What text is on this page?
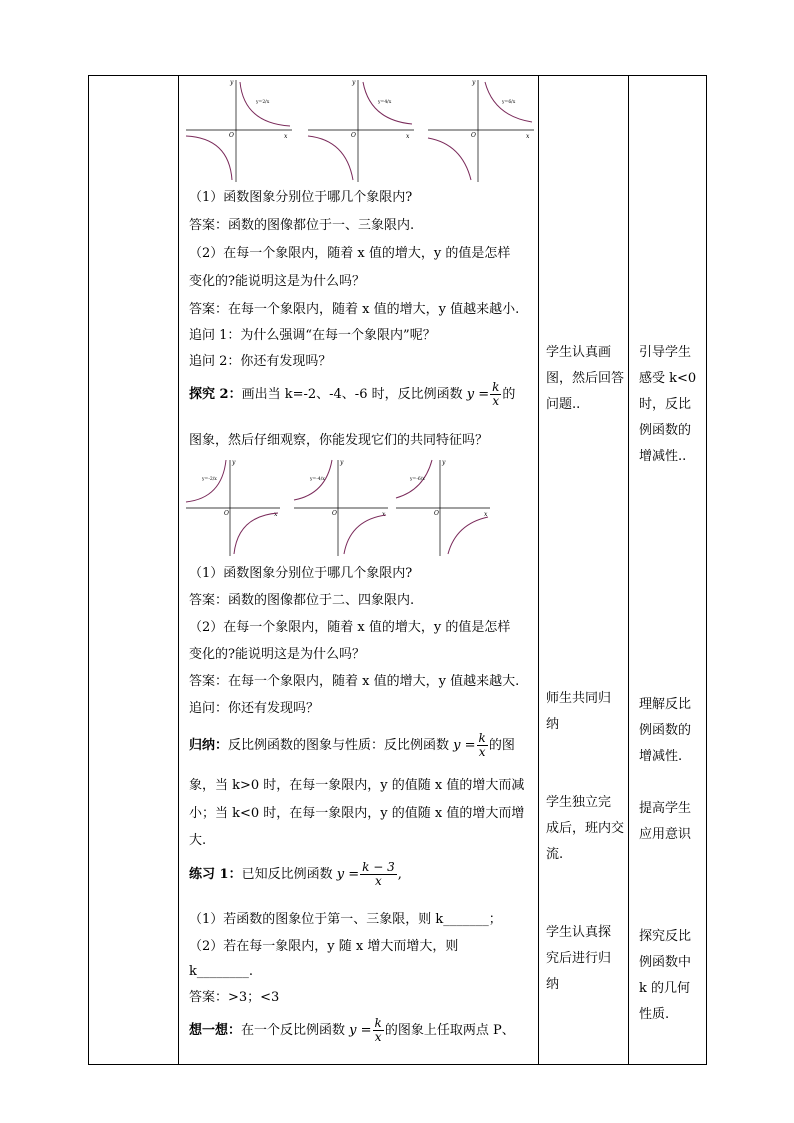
x
y
O
y=2/x
x
y
O
y=4/x
x
y
O
y=6/x
（1）函数图象分别位于哪几个象限内?
答案：函数的图像都位于一、三象限内.
（2）在每一个象限内，随着 x 值的增大，y 的值是怎样
变化的?能说明这是为什么吗？
答案：在每一个象限内，随着 x 值的增大，y 值越来越小.
追问 1：为什么强调“在每一个象限内”呢？
追问 2：你还有发现吗？
探究 2：画出当 k=-2、-4、-6 时，反比例函数 $y = \frac{k}{x}$ 的
图象，然后仔细观察，你能发现它们的共同特征吗？
x
y
O
y=-2/x
x
y
O
y=-4/x
x
y
O
y=-6/x
（1）函数图象分别位于哪几个象限内?
答案：函数的图像都位于二、四象限内.
（2）在每一个象限内，随着 x 值的增大，y 的值是怎样
变化的?能说明这是为什么吗？
答案：在每一个象限内，随着 x 值的增大，y 值越来越大.
追问：你还有发现吗？
归纳：反比例函数的图象与性质：反比例函数 $y = \frac{k}{x}$ 的图
象，当 k>0 时，在每一象限内，y 的值随 x 值的增大而减
小；当 k<0 时，在每一象限内，y 的值随 x 值的增大而增
大.
练习 1：已知反比例函数 $y = \frac{k - 3}{x}$ ,
（1）若函数的图象位于第一、三象限，则 k_______；
（2）若在每一象限内，y 随 x 增大而增大，则
k________.
答案：>3；<3
想一想：在一个反比例函数 $y = \frac{k}{x}$ 的图象上任取两点 P、
学生认真画
图，然后回答
问题..
师生共同归
纳
学生独立完
成后，班内交
流.
学生认真探
究后进行归
纳
引导学生
感受 k<0
时，反比
例函数的
增减性..
理解反比
例函数的
增减性.
提高学生
应用意识
探究反比
例函数中
k 的几何
性质.
